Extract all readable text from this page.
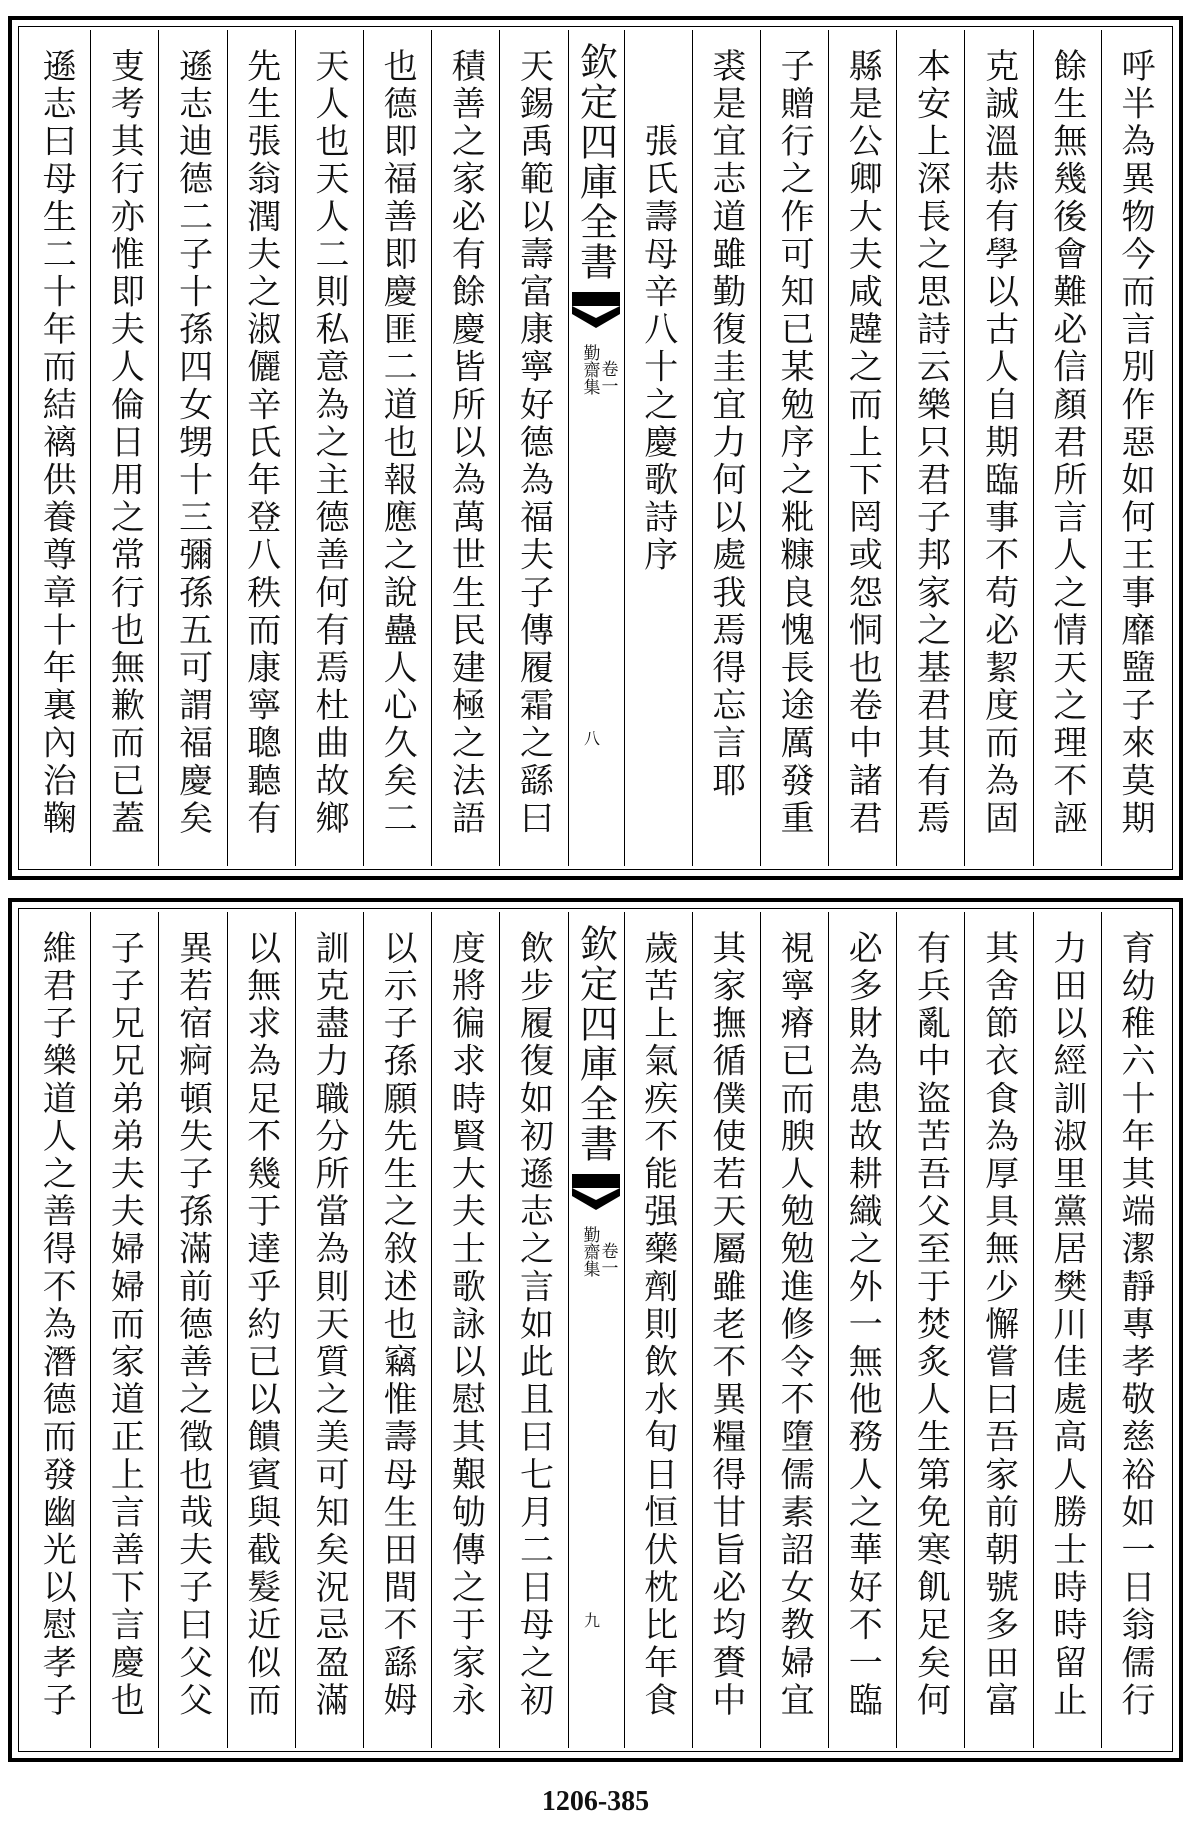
呼半為異物今而言別作惡如何王事靡盬子來莫期
餘生無幾後會難必信顏君所言人之情天之理不誣
克誠溫恭有學以古人自期臨事不苟必絜度而為固
本安上深長之思詩云樂只君子邦家之基君其有焉
縣是公卿大夫咸韙之而上下罔或怨恫也卷中諸君
子贈行之作可知已某勉序之粃糠良愧長途厲發重
裘是宜志道雖勤復圭宜力何以處我焉得忘言耶
　　張氏壽母辛八十之慶歌詩序
欽定四庫全書
勤齋集
卷一
八
天錫禹範以壽富康寧好德為福夫子傳履霜之繇曰
積善之家必有餘慶皆所以為萬世生民建極之法語
也德即福善即慶匪二道也報應之說蠱人心久矣二
天人也天人二則私意為之主德善何有焉杜曲故鄉
先生張翁潤夫之淑儷辛氏年登八秩而康寧聰聽有
遜志迪德二子十孫四女甥十三彌孫五可謂福慶矣
叓考其行亦惟即夫人倫日用之常行也無歉而已蓋
遜志曰母生二十年而結褵供養尊章十年裏內治鞠
育幼稚六十年其端潔靜專孝敬慈裕如一日翁儒行
力田以經訓淑里黨居樊川佳處高人勝士時時留止
其舍節衣食為厚具無少懈嘗曰吾家前朝號多田富
有兵亂中盜苦吾父至于焚炙人生第免寒飢足矣何
必多財為患故耕織之外一無他務人之華好不一臨
視寧瘠已而腴人勉勉進修令不墮儒素詔女教婦宜
其家撫循僕使若天屬雖老不異糧得甘旨必均賚中
歲苦上氣疾不能强藥劑則飲水旬日恒伏枕比年食
欽定四庫全書
勤齋集
卷一
九
飲步履復如初遜志之言如此且曰七月二日母之初
度將徧求時賢大夫士歌詠以慰其艱劬傳之于家永
以示子孫願先生之敘述也竊惟壽母生田間不繇姆
訓克盡力職分所當為則天質之美可知矣況忌盈滿
以無求為足不幾于達乎約已以饋賓與截髮近似而
異若宿痾頓失子孫滿前德善之徵也哉夫子曰父父
子子兄兄弟弟夫夫婦婦而家道正上言善下言慶也
維君子樂道人之善得不為潛德而發幽光以慰孝子
1206-385
